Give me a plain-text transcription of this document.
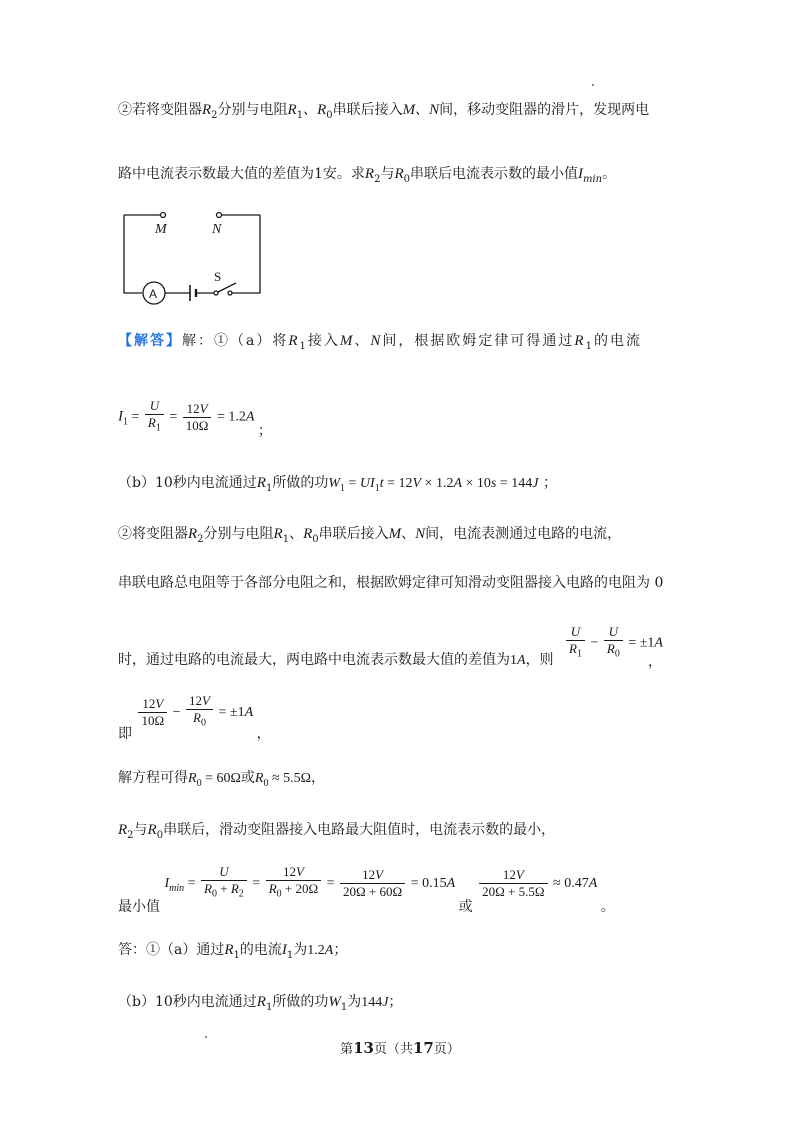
②若将变阻器$R_2$分别与电阻$R_1$、$R_0$串联后接入M、N间，移动变阻器的滑片，发现两电
路中电流表示数最大值的差值为1安。求$R_2$与$R_0$串联后电流表示数的最小值$I_{min}$。
M	N
S
A
【解答】解：①（a）将$R_1$接入M、N间，根据欧姆定律可得通过$R_1$的电流
$I_1 = \frac{U}{R_1} = \frac{12V}{10\Omega} = 1.2A$ ；
（b）10秒内电流通过$R_1$所做的功$W_1 = UI_1t = 12V \times 1.2A \times 10s = 144J$ ；
②将变阻器$R_2$分别与电阻$R_1$、$R_0$串联后接入M、N间，电流表测通过电路的电流，
串联电路总电阻等于各部分电阻之和，根据欧姆定律可知滑动变阻器接入电路的电阻为 0
时，通过电路的电流最大，两电路中电流表示数最大值的差值为1A，则 $\frac{U}{R_1} - \frac{U}{R_0} = \pm 1A$
，
即
$\frac{12V}{10\Omega} - \frac{12V}{R_0} = \pm 1A$ ，
解方程可得$R_0 = 60\Omega$或$R_0 \approx 5.5\Omega$，
$R_2$与$R_0$串联后，滑动变阻器接入电路最大阻值时，电流表示数的最小，
最小值 $I_{min} = \frac{U}{R_0 + R_2} = \frac{12V}{R_0 + 20\Omega} = \frac{12V}{20\Omega + 60\Omega} = 0.15A$ 或
$\frac{12V}{20\Omega + 5.5\Omega} \approx 0.47A$ 。
答：①（a）通过$R_1$的电流$I_1$为1.2A；
（b）10秒内电流通过$R_1$所做的功$W_1$为144J；
第13页（共17页）
